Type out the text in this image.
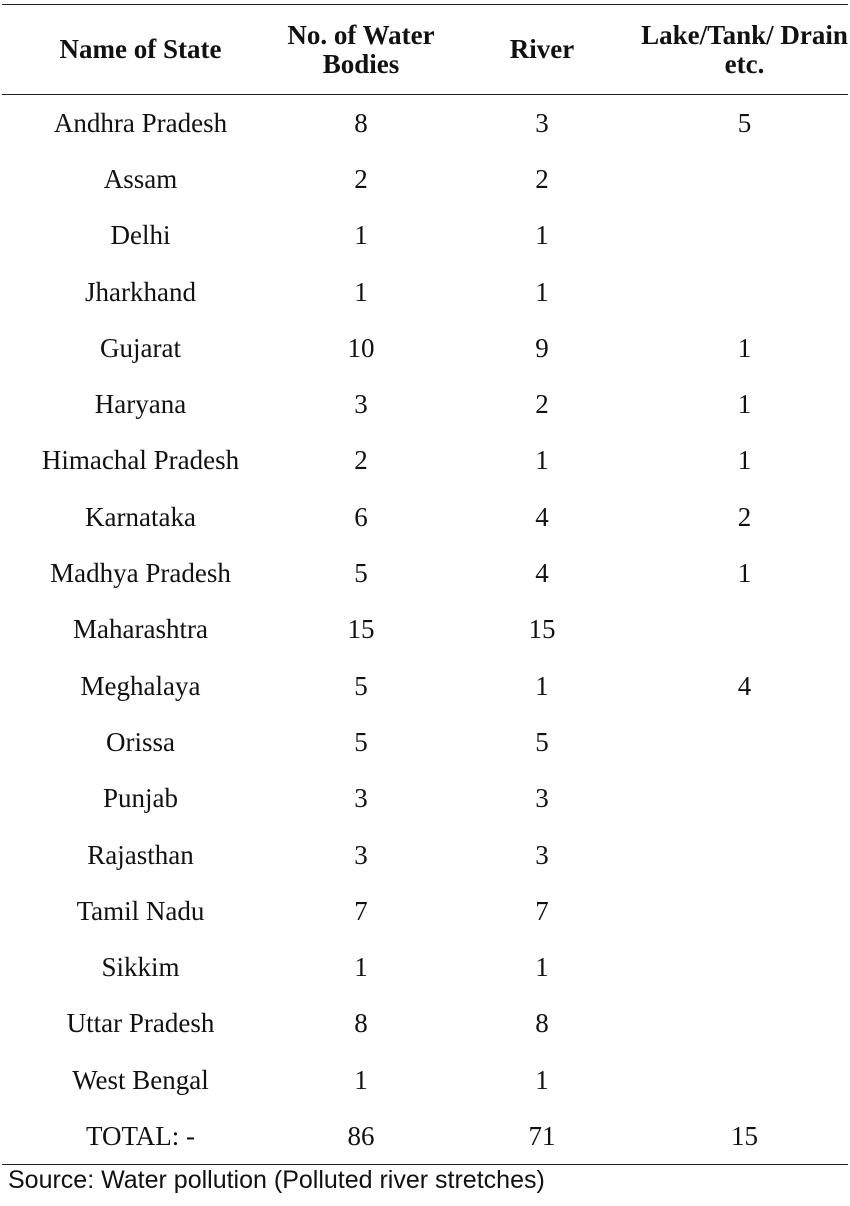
Name of State	No. of Water Bodies	River	Lake/Tank/ Drain etc.
Andhra Pradesh	8	3	5
Assam	2	2
Delhi	1	1
Jharkhand	1	1
Gujarat	10	9	1
Haryana	3	2	1
Himachal Pradesh	2	1	1
Karnataka	6	4	2
Madhya Pradesh	5	4	1
Maharashtra	15	15
Meghalaya	5	1	4
Orissa	5	5
Punjab	3	3
Rajasthan	3	3
Tamil Nadu	7	7
Sikkim	1	1
Uttar Pradesh	8	8
West Bengal	1	1
TOTAL: -	86	71	15
Source: Water pollution (Polluted river stretches)
